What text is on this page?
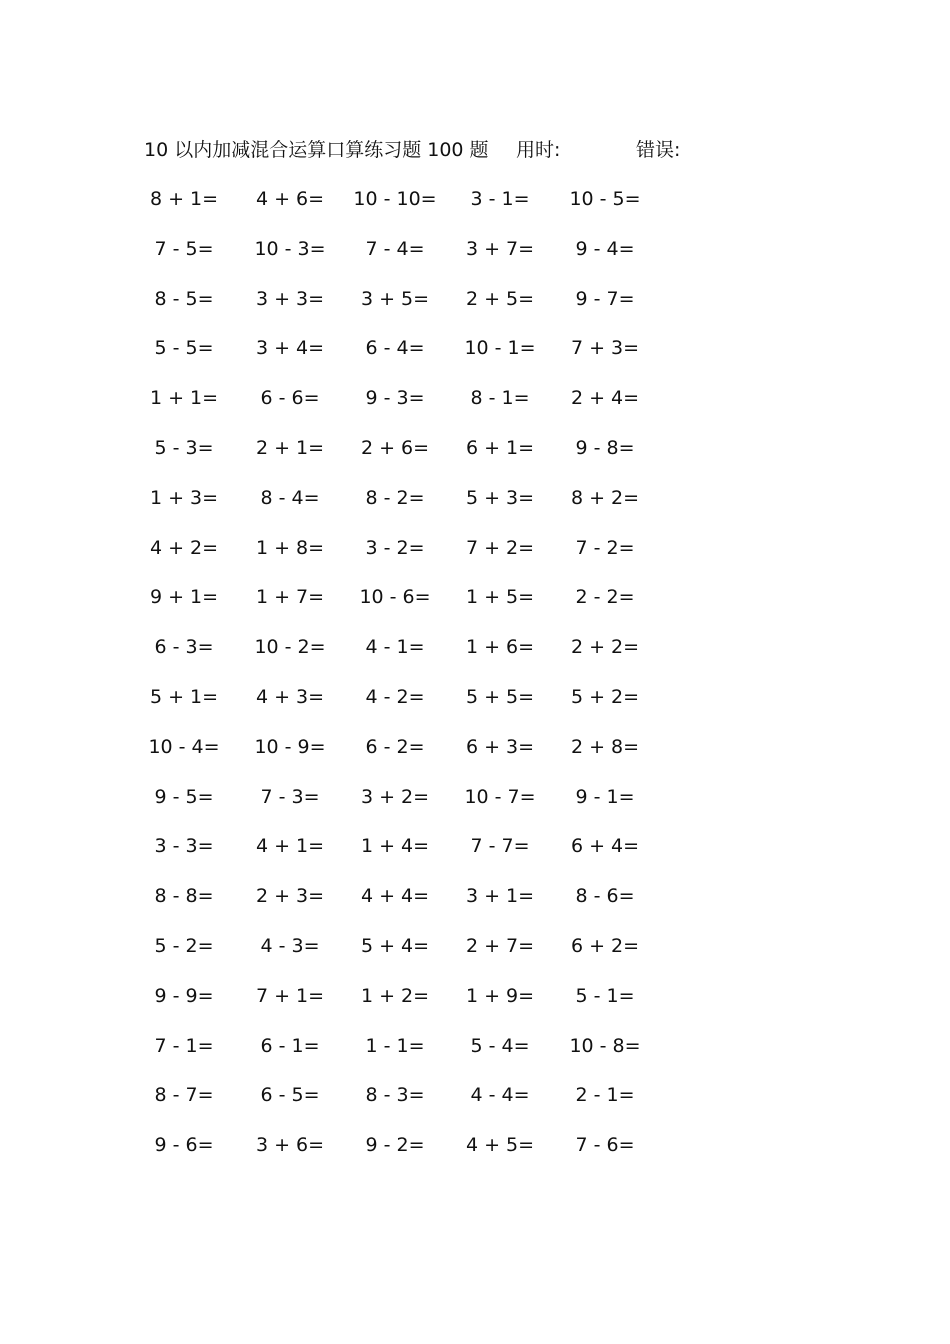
10 以内加减混合运算口算练习题 100 题 用时:	错误:
8 + 1=	4 + 6=	10 - 10=	3 - 1=	10 - 5=
7 - 5=	10 - 3=	7 - 4=	3 + 7=	9 - 4=
8 - 5=	3 + 3=	3 + 5=	2 + 5=	9 - 7=
5 - 5=	3 + 4=	6 - 4=	10 - 1=	7 + 3=
1 + 1=	6 - 6=	9 - 3=	8 - 1=	2 + 4=
5 - 3=	2 + 1=	2 + 6=	6 + 1=	9 - 8=
1 + 3=	8 - 4=	8 - 2=	5 + 3=	8 + 2=
4 + 2=	1 + 8=	3 - 2=	7 + 2=	7 - 2=
9 + 1=	1 + 7=	10 - 6=	1 + 5=	2 - 2=
6 - 3=	10 - 2=	4 - 1=	1 + 6=	2 + 2=
5 + 1=	4 + 3=	4 - 2=	5 + 5=	5 + 2=
10 - 4=	10 - 9=	6 - 2=	6 + 3=	2 + 8=
9 - 5=	7 - 3=	3 + 2=	10 - 7=	9 - 1=
3 - 3=	4 + 1=	1 + 4=	7 - 7=	6 + 4=
8 - 8=	2 + 3=	4 + 4=	3 + 1=	8 - 6=
5 - 2=	4 - 3=	5 + 4=	2 + 7=	6 + 2=
9 - 9=	7 + 1=	1 + 2=	1 + 9=	5 - 1=
7 - 1=	6 - 1=	1 - 1=	5 - 4=	10 - 8=
8 - 7=	6 - 5=	8 - 3=	4 - 4=	2 - 1=
9 - 6=	3 + 6=	9 - 2=	4 + 5=	7 - 6=
